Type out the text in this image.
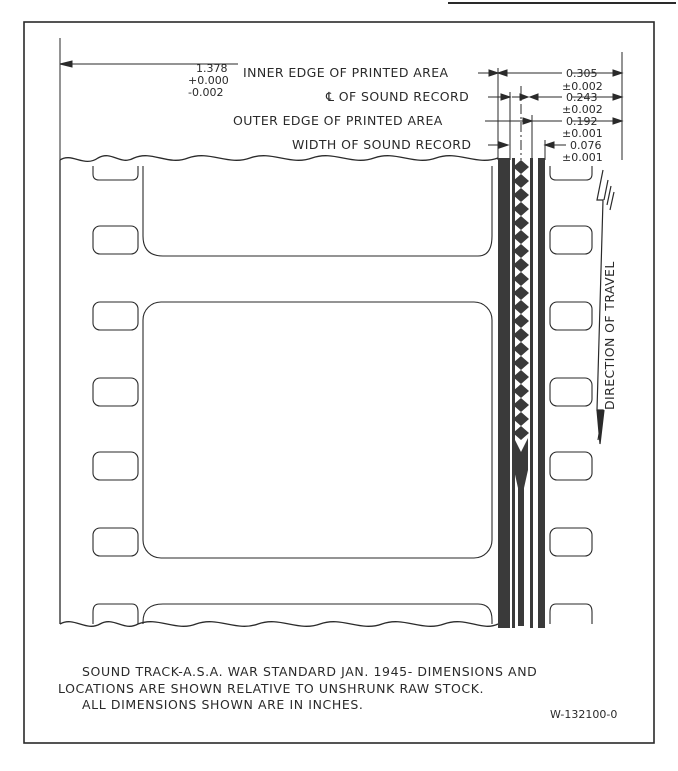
1.378
+0.000
-0.002
INNER EDGE OF PRINTED AREA
℄ OF SOUND RECORD
OUTER EDGE OF PRINTED AREA
WIDTH OF SOUND RECORD
0.305
±0.002
0.243
±0.002
0.192
±0.001
0.076
±0.001
DIRECTION OF TRAVEL
SOUND TRACK-A.S.A. WAR STANDARD JAN. 1945- DIMENSIONS AND
LOCATIONS ARE SHOWN RELATIVE TO UNSHRUNK RAW STOCK.
ALL DIMENSIONS SHOWN ARE IN INCHES.
W-132100-0
